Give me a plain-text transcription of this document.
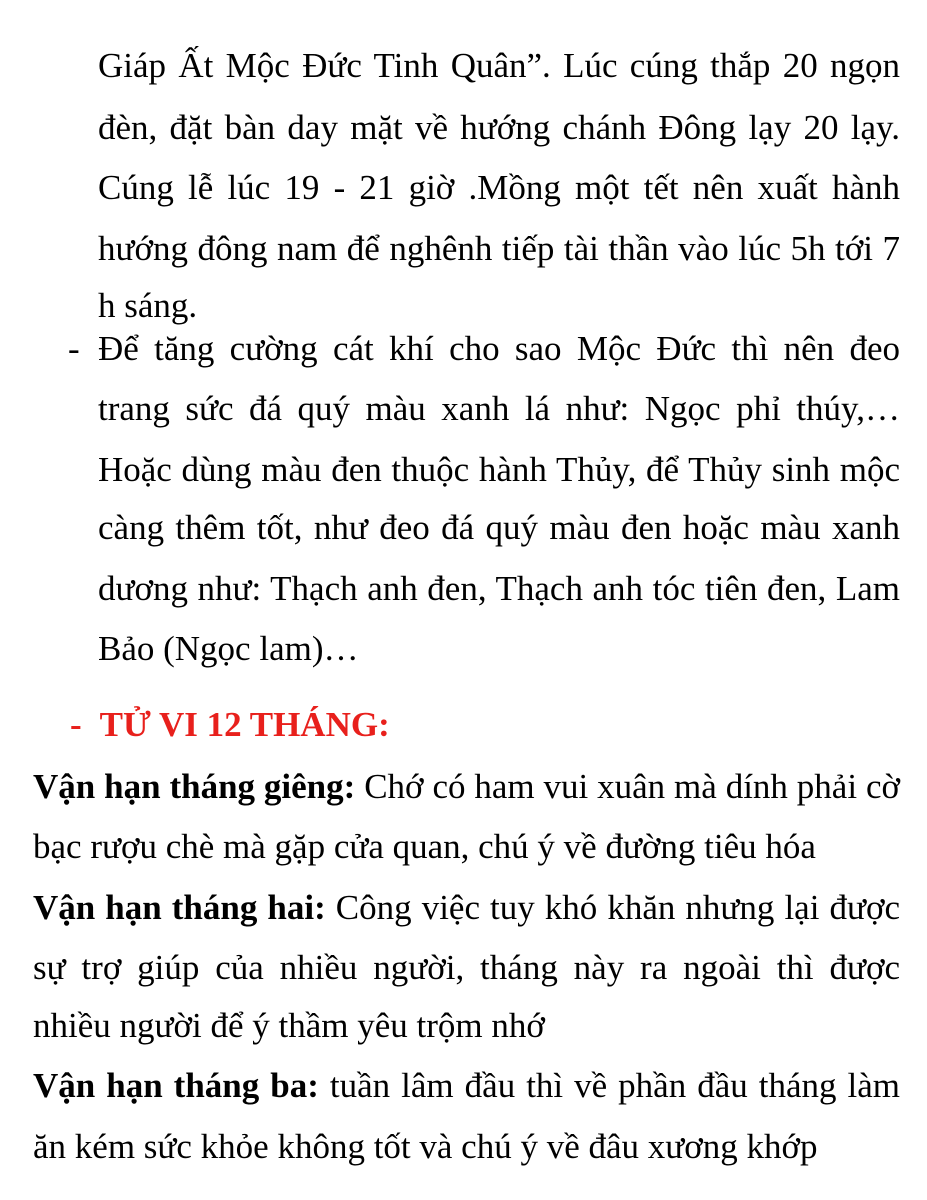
Giáp Ất Mộc Đức Tinh Quân”. Lúc cúng thắp 20 ngọn
đèn, đặt bàn day mặt về hướng chánh Đông lạy 20 lạy.
Cúng lễ lúc 19 - 21 giờ .Mồng một tết nên xuất hành
hướng đông nam để nghênh tiếp tài thần vào lúc 5h tới 7
h sáng.
- Để tăng cường cát khí cho sao Mộc Đức thì nên đeo
trang sức đá quý màu xanh lá như: Ngọc phỉ thúy,…
Hoặc dùng màu đen thuộc hành Thủy, để Thủy sinh mộc
càng thêm tốt, như đeo đá quý màu đen hoặc màu xanh
dương như: Thạch anh đen, Thạch anh tóc tiên đen, Lam
Bảo (Ngọc lam)…
- TỬ VI 12 THÁNG:
Vận hạn tháng giêng: Chớ có ham vui xuân mà dính phải cờ
bạc rượu chè mà gặp cửa quan, chú ý về đường tiêu hóa
Vận hạn tháng hai: Công việc tuy khó khăn nhưng lại được
sự trợ giúp của nhiều người, tháng này ra ngoài thì được
nhiều người để ý thầm yêu trộm nhớ
Vận hạn tháng ba: tuần lâm đầu thì về phần đầu tháng làm
ăn kém sức khỏe không tốt và chú ý về đâu xương khớp
